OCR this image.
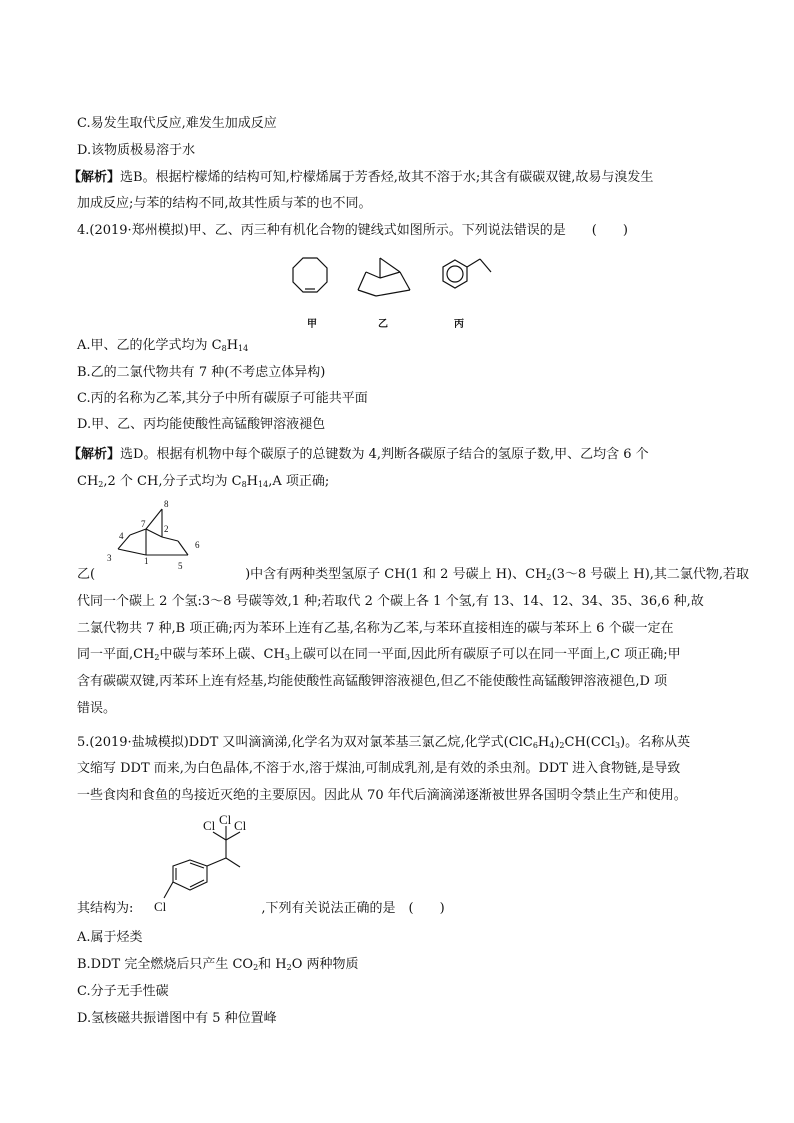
C.易发生取代反应,难发生加成反应
D.该物质极易溶于水
【解析】选B。根据柠檬烯的结构可知,柠檬烯属于芳香烃,故其不溶于水;其含有碳碳双键,故易与溴发生
加成反应;与苯的结构不同,故其性质与苯的也不同。
4.(2019·郑州模拟)甲、乙、丙三种有机化合物的键线式如图所示。下列说法错误的是　　(　　)
甲	乙	丙
A.甲、乙的化学式均为 $C_8H_{14}$
B.乙的二氯代物共有 7 种(不考虑立体异构)
C.丙的名称为乙苯,其分子中所有碳原子可能共平面
D.甲、乙、丙均能使酸性高锰酸钾溶液褪色
【解析】选D。根据有机物中每个碳原子的总键数为 4,判断各碳原子结合的氢原子数,甲、乙均含 6 个
$CH_2,2$ 个 CH,分子式均为 $C_8H_{14},A$ 项正确;
1
2
3
4
5
6
7
8
乙(	)中含有两种类型氢原子 CH(1 和 2 号碳上 H)、$CH_2(3\sim 8$ 号碳上 H),其二氯代物,若取
代同一个碳上 2 个氢:3～8 号碳等效,1 种;若取代 2 个碳上各 1 个氢,有 13、14、12、34、35、36,6 种,故
二氯代物共 7 种,B 项正确;丙为苯环上连有乙基,名称为乙苯,与苯环直接相连的碳与苯环上 6 个碳一定在
同一平面$,CH_2$中碳与苯环上碳、$CH_3$上碳可以在同一平面,因此所有碳原子可以在同一平面上,C 项正确;甲
含有碳碳双键,丙苯环上连有烃基,均能使酸性高锰酸钾溶液褪色,但乙不能使酸性高锰酸钾溶液褪色,D 项
错误。
5.(2019·盐城模拟)DDT 又叫滴滴涕,化学名为双对氯苯基三氯乙烷,化学式$(ClC_6H_4)_2CH(CCl_3)$。名称从英
文缩写 DDT 而来,为白色晶体,不溶于水,溶于煤油,可制成乳剂,是有效的杀虫剂。DDT 进入食物链,是导致
一些食肉和食鱼的鸟接近灭绝的主要原因。因此从 70 年代后滴滴涕逐渐被世界各国明令禁止生产和使用。
Cl Cl Cl
Cl
其结构为:	,下列有关说法正确的是　(　　)
A.属于烃类
B.DDT 完全燃烧后只产生 $CO_2$和 $H_2O$ 两种物质
C.分子无手性碳
D.氢核磁共振谱图中有 5 种位置峰
